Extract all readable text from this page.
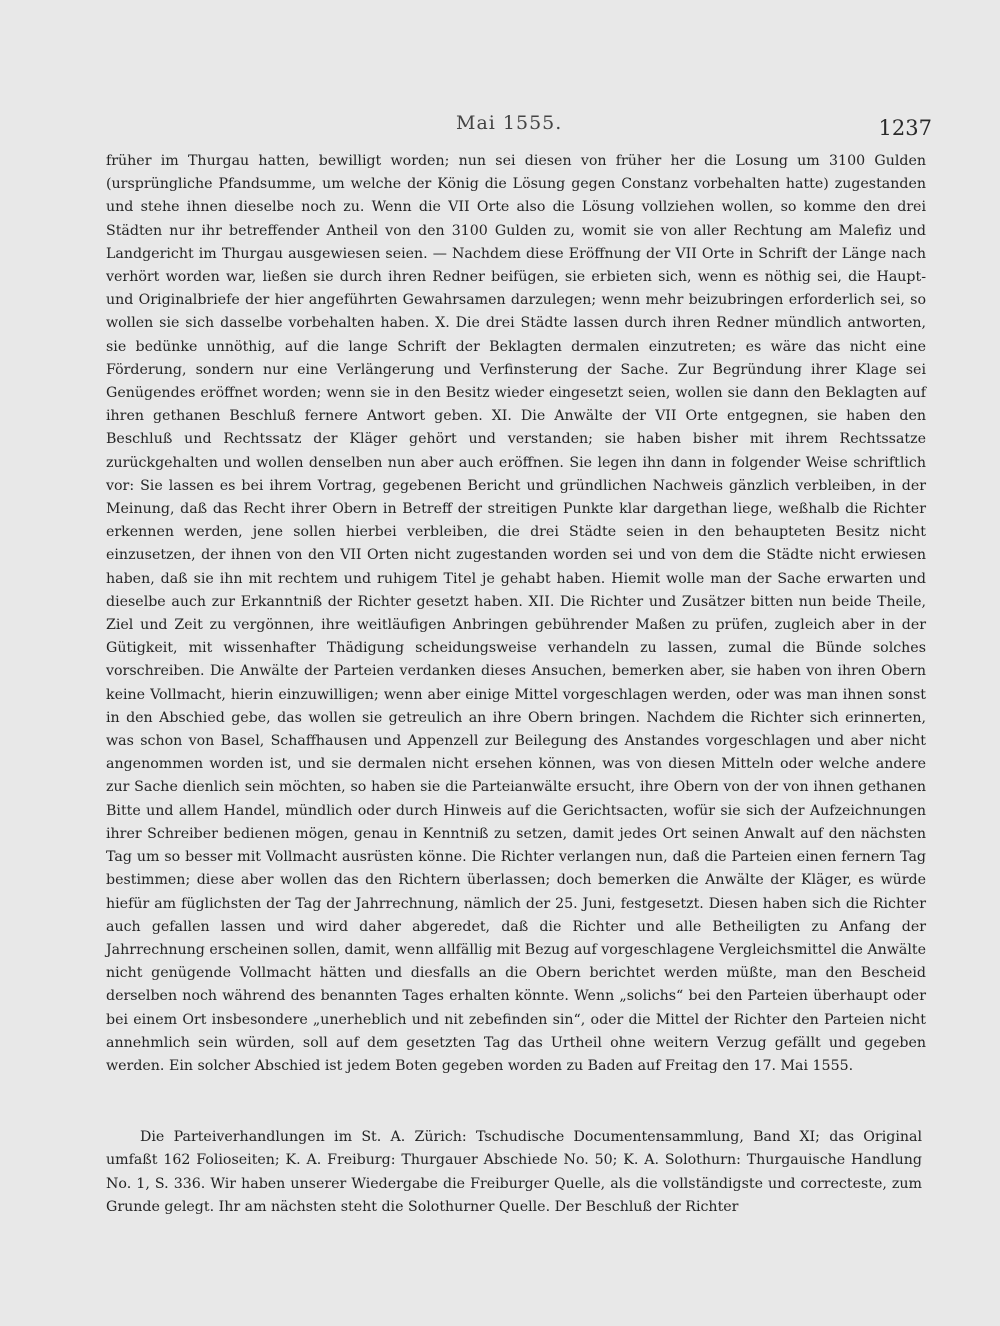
Mai 1555.	1237

früher im Thurgau hatten, bewilligt worden; nun sei diesen von früher her die Losung um 3100 Gulden (ursprüngliche Pfandsumme, um welche der König die Lösung gegen Constanz vorbehalten hatte) zugestanden und stehe ihnen dieselbe noch zu. Wenn die VII Orte also die Lösung vollziehen wollen, so komme den drei Städten nur ihr betreffender Antheil von den 3100 Gulden zu, womit sie von aller Rechtung am Malefiz und Landgericht im Thurgau ausgewiesen seien. — Nachdem diese Eröffnung der VII Orte in Schrift der Länge nach verhört worden war, ließen sie durch ihren Redner beifügen, sie erbieten sich, wenn es nöthig sei, die Haupt- und Originalbriefe der hier angeführten Gewahrsamen darzulegen; wenn mehr beizubringen erforderlich sei, so wollen sie sich dasselbe vorbehalten haben. X. Die drei Städte lassen durch ihren Redner mündlich antworten, sie bedünke unnöthig, auf die lange Schrift der Beklagten dermalen einzutreten; es wäre das nicht eine Förderung, sondern nur eine Verlängerung und Verfinsterung der Sache. Zur Begründung ihrer Klage sei Genügendes eröffnet worden; wenn sie in den Besitz wieder eingesetzt seien, wollen sie dann den Beklagten auf ihren gethanen Beschluß fernere Antwort geben. XI. Die Anwälte der VII Orte entgegnen, sie haben den Beschluß und Rechtssatz der Kläger gehört und verstanden; sie haben bisher mit ihrem Rechtssatze zurückgehalten und wollen denselben nun aber auch eröffnen. Sie legen ihn dann in folgender Weise schriftlich vor: Sie lassen es bei ihrem Vortrag, gegebenen Bericht und gründlichen Nachweis gänzlich verbleiben, in der Meinung, daß das Recht ihrer Obern in Betreff der streitigen Punkte klar dargethan liege, weßhalb die Richter erkennen werden, jene sollen hierbei verbleiben, die drei Städte seien in den behaupteten Besitz nicht einzusetzen, der ihnen von den VII Orten nicht zugestanden worden sei und von dem die Städte nicht erwiesen haben, daß sie ihn mit rechtem und ruhigem Titel je gehabt haben. Hiemit wolle man der Sache erwarten und dieselbe auch zur Erkanntniß der Richter gesetzt haben. XII. Die Richter und Zusätzer bitten nun beide Theile, Ziel und Zeit zu vergönnen, ihre weitläufigen Anbringen gebührender Maßen zu prüfen, zugleich aber in der Gütigkeit, mit wissenhafter Thädigung scheidungsweise verhandeln zu lassen, zumal die Bünde solches vorschreiben. Die Anwälte der Parteien verdanken dieses Ansuchen, bemerken aber, sie haben von ihren Obern keine Vollmacht, hierin einzuwilligen; wenn aber einige Mittel vorgeschlagen werden, oder was man ihnen sonst in den Abschied gebe, das wollen sie getreulich an ihre Obern bringen. Nachdem die Richter sich erinnerten, was schon von Basel, Schaffhausen und Appenzell zur Beilegung des Anstandes vorgeschlagen und aber nicht angenommen worden ist, und sie dermalen nicht ersehen können, was von diesen Mitteln oder welche andere zur Sache dienlich sein möchten, so haben sie die Parteianwälte ersucht, ihre Obern von der von ihnen gethanen Bitte und allem Handel, mündlich oder durch Hinweis auf die Gerichtsacten, wofür sie sich der Aufzeichnungen ihrer Schreiber bedienen mögen, genau in Kenntniß zu setzen, damit jedes Ort seinen Anwalt auf den nächsten Tag um so besser mit Vollmacht ausrüsten könne. Die Richter verlangen nun, daß die Parteien einen fernern Tag bestimmen; diese aber wollen das den Richtern überlassen; doch bemerken die Anwälte der Kläger, es würde hiefür am füglichsten der Tag der Jahrrechnung, nämlich der 25. Juni, festgesetzt. Diesen haben sich die Richter auch gefallen lassen und wird daher abgeredet, daß die Richter und alle Betheiligten zu Anfang der Jahrrechnung erscheinen sollen, damit, wenn allfällig mit Bezug auf vorgeschlagene Vergleichsmittel die Anwälte nicht genügende Vollmacht hätten und diesfalls an die Obern berichtet werden müßte, man den Bescheid derselben noch während des benannten Tages erhalten könnte. Wenn „solichs“ bei den Parteien überhaupt oder bei einem Ort insbesondere „unerheblich und nit zebefinden sin“, oder die Mittel der Richter den Parteien nicht annehmlich sein würden, soll auf dem gesetzten Tag das Urtheil ohne weitern Verzug gefällt und gegeben werden. Ein solcher Abschied ist jedem Boten gegeben worden zu Baden auf Freitag den 17. Mai 1555.

Die Parteiverhandlungen im St. A. Zürich: Tschudische Documentensammlung, Band XI; das Original umfaßt 162 Folioseiten; K. A. Freiburg: Thurgauer Abschiede No. 50; K. A. Solothurn: Thurgauische Handlung No. 1, S. 336. Wir haben unserer Wiedergabe die Freiburger Quelle, als die vollständigste und correcteste, zum Grunde gelegt. Ihr am nächsten steht die Solothurner Quelle. Der Beschluß der Richter
